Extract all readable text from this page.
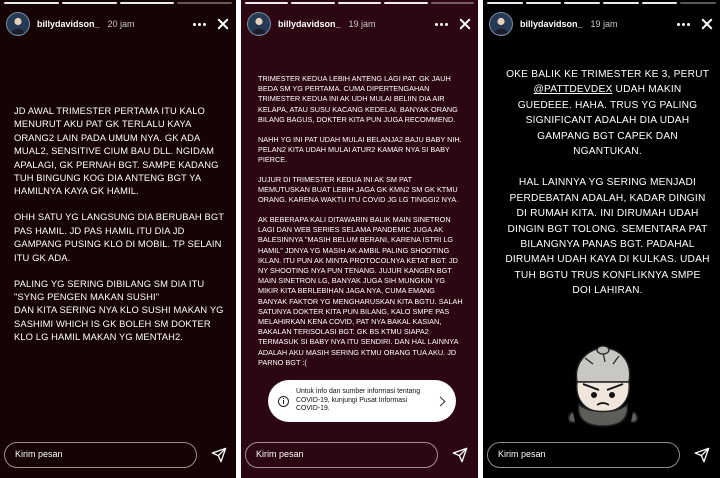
billydavidson_ 20 jam

JD AWAL TRIMESTER PERTAMA ITU KALO MENURUT AKU PAT GK TERLALU KAYA ORANG2 LAIN PADA UMUM NYA. GK ADA MUAL2, SENSITIVE CIUM BAU DLL. NGIDAM APALAGI, GK PERNAH BGT. SAMPE KADANG TUH BINGUNG KOG DIA ANTENG BGT YA HAMILNYA KAYA GK HAMIL.

OHH SATU YG LANGSUNG DIA BERUBAH BGT PAS HAMIL. JD PAS HAMIL ITU DIA JD GAMPANG PUSING KLO DI MOBIL. TP SELAIN ITU GK ADA.

PALING YG SERING DIBILANG SM DIA ITU "SYNG PENGEN MAKAN SUSHI"
DAN KITA SERING NYA KLO SUSHI MAKAN YG SASHIMI WHICH IS GK BOLEH SM DOKTER KLO LG HAMIL MAKAN YG MENTAH2.

Kirim pesan
billydavidson_ 19 jam

TRIMESTER KEDUA LEBIH ANTENG LAGI PAT. GK JAUH BEDA SM YG PERTAMA. CUMA DIPERTENGAHAN TRIMESTER KEDUA INI AK UDH MULAI BELIIN DIA AIR KELAPA, ATAU SUSU KACANG KEDELAI. BANYAK ORANG BILANG BAGUS, DOKTER KITA PUN JUGA RECOMMEND.

NAHH YG INI PAT UDAH MULAI BELANJA2 BAJU BABY NIH. PELAN2 KITA UDAH MULAI ATUR2 KAMAR NYA SI BABY PIERCE.

JUJUR DI TRIMESTER KEDUA INI AK SM PAT MEMUTUSKAN BUAT LEBIH JAGA GK KMN2 SM GK KTMU ORANG. KARENA WAKTU ITU COVID JG LG TINGGI2 NYA.

AK BEBERAPA KALI DITAWARIN BALIK MAIN SINETRON LAGI DAN WEB SERIES SELAMA PANDEMIC JUGA AK BALESINNYA "MASIH BELUM BERANI, KARENA ISTRI LG HAMIL" JDNYA YG MASIH AK AMBIL PALING SHOOTING IKLAN. ITU PUN AK MINTA PROTOCOLNYA KETAT BGT. JD NY SHOOTING NYA PUN TENANG. JUJUR KANGEN BGT MAIN SINETRON LG, BANYAK JUGA SIH MUNGKIN YG MIKIR KITA BERLEBIHAN JAGA NYA, CUMA EMANG BANYAK FAKTOR YG MENGHARUSKAN KITA BGTU. SALAH SATUNYA DOKTER KITA PUN BILANG, KALO SMPE PAS MELAHIRKAN KENA COVID, PAT NYA BAKAL KASIAN, BAKALAN TERISOLASI BGT. GK BS KTMU SIAPA2 TERMASUK SI BABY NYA ITU SENDIRI. DAN HAL LAINNYA ADALAH AKU MASIH SERING KTMU ORANG TUA AKU. JD PARNO BGT :(

Untuk info dan sumber informasi tentang COVID-19, kunjungi Pusat Informasi COVID-19.
Kirim pesan
billydavidson_ 19 jam

OKE BALIK KE TRIMESTER KE 3, PERUT @PATTDEVDEX UDAH MAKIN GUEDEEE. HAHA. TRUS YG PALING SIGNIFICANT ADALAH DIA UDAH GAMPANG BGT CAPEK DAN NGANTUKAN.

HAL LAINNYA YG SERING MENJADI PERDEBATAN ADALAH, KADAR DINGIN DI RUMAH KITA. INI DIRUMAH UDAH DINGIN BGT TOLONG. SEMENTARA PAT BILANGNYA PANAS BGT. PADAHAL DIRUMAH UDAH KAYA DI KULKAS. UDAH TUH BGTU TRUS KONFLIKNYA SMPE DOI LAHIRAN.

Kirim pesan
